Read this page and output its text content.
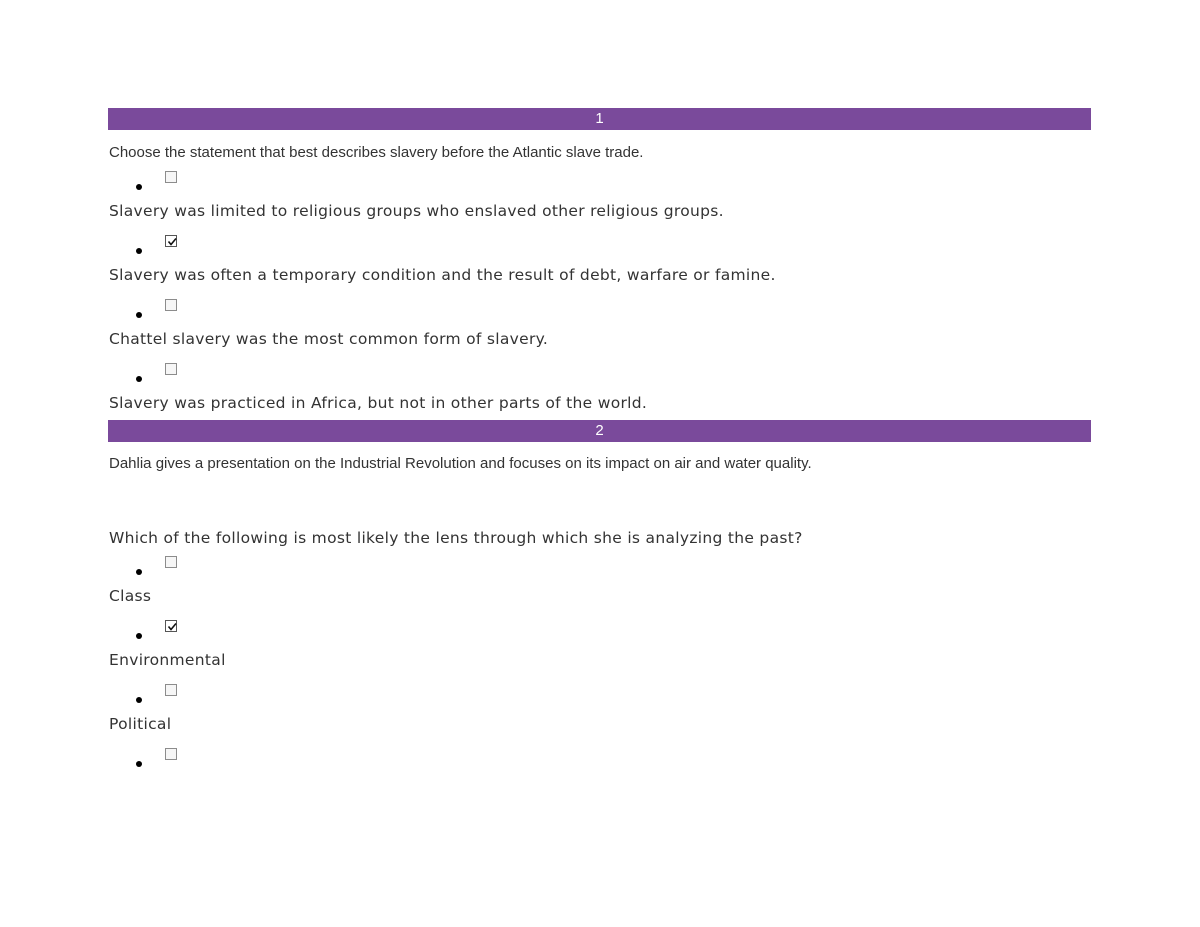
1
Choose the statement that best describes slavery before the Atlantic slave trade.
Slavery was limited to religious groups who enslaved other religious groups.
Slavery was often a temporary condition and the result of debt, warfare or famine.
Chattel slavery was the most common form of slavery.
Slavery was practiced in Africa, but not in other parts of the world.
2
Dahlia gives a presentation on the Industrial Revolution and focuses on its impact on air and water quality.
Which of the following is most likely the lens through which she is analyzing the past?
Class
Environmental
Political
